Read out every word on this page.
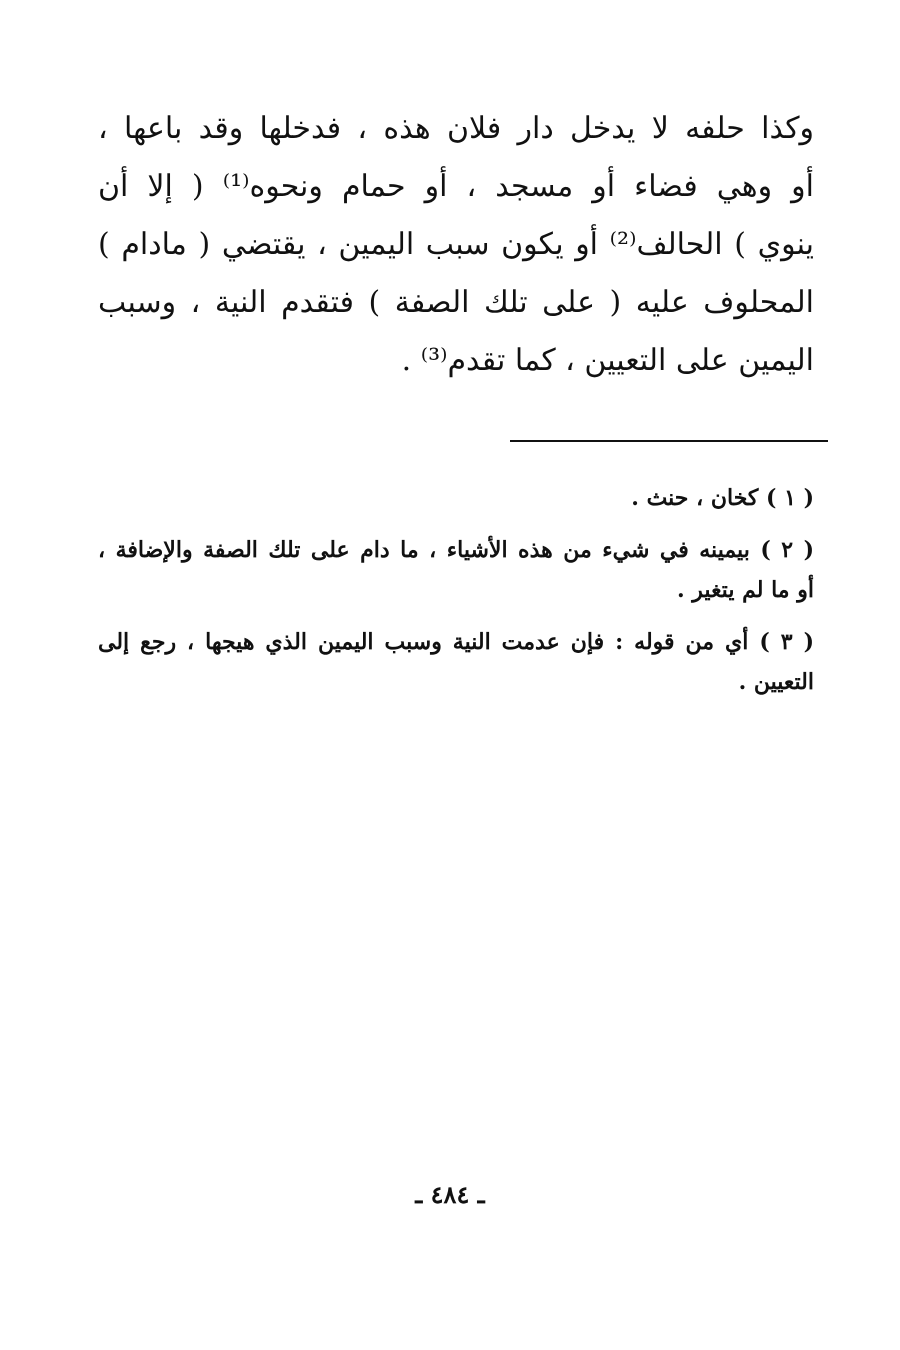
وكذا حلفه لا يدخل دار فلان هذه ، فدخلها وقد باعها ،
أو وهي فضاء أو مسجد ، أو حمام ونحوه⁽¹⁾ ( إلا أن
ينوي ) الحالف⁽²⁾ أو يكون سبب اليمين ، يقتضي ( مادام )
المحلوف عليه ( على تلك الصفة ) فتقدم النية ، وسبب
اليمين على التعيين ، كما تقدم⁽³⁾ .
( ١ ) كخان ، حنث .
( ٢ ) بيمينه في شيء من هذه الأشياء ، ما دام على تلك الصفة والإضافة ،
أو ما لم يتغير .
( ٣ ) أي من قوله : فإن عدمت النية وسبب اليمين الذي هيجها ، رجع إلى
التعيين .
ـ ٤٨٤ ـ
